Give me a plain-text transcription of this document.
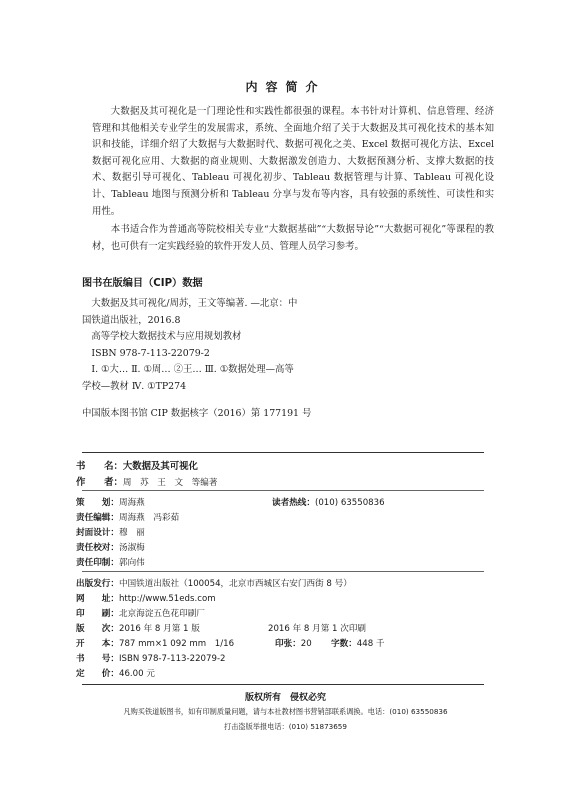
内容简介

大数据及其可视化是一门理论性和实践性都很强的课程。本书针对计算机、信息管理、经济管理和其他相关专业学生的发展需求，系统、全面地介绍了关于大数据及其可视化技术的基本知识和技能，详细介绍了大数据与大数据时代、数据可视化之美、Excel 数据可视化方法、Excel 数据可视化应用、大数据的商业规则、大数据激发创造力、大数据预测分析、支撑大数据的技术、数据引导可视化、Tableau 可视化初步、Tableau 数据管理与计算、Tableau 可视化设计、Tableau 地图与预测分析和 Tableau 分享与发布等内容，具有较强的系统性、可读性和实用性。

本书适合作为普通高等院校相关专业“大数据基础”“大数据导论”“大数据可视化”等课程的教材，也可供有一定实践经验的软件开发人员、管理人员学习参考。

图书在版编目（CIP）数据

大数据及其可视化/周苏，王文等编著. —北京：中

国铁道出版社，2016.8

高等学校大数据技术与应用规划教材

ISBN 978-7-113-22079-2

Ⅰ. ①大… Ⅱ. ①周… ②王… Ⅲ. ①数据处理—高等

学校—教材 Ⅳ. ①TP274

中国版本图书馆 CIP 数据核字（2016）第 177191 号
书　　名：大数据及其可视化
作　　者：周　苏　王　文　等编著
策　　划：周海燕	读者热线：(010) 63550836
责任编辑：周海燕　冯彩茹
封面设计：穆　丽
责任校对：汤淑梅
责任印制：郭向伟
出版发行：中国铁道出版社（100054，北京市西城区右安门西街 8 号）
网　　址：http://www.51eds.com
印　　刷：北京海淀五色花印刷厂
版　　次：2016 年 8 月第 1 版	2016 年 8 月第 1 次印刷
开　　本：787 mm×1 092 mm　1/16	印张：20 字数：448 千
书　　号：ISBN 978-7-113-22079-2
定　　价：46.00 元
版权所有　侵权必究
凡购买铁道版图书，如有印制质量问题，请与本社教材图书营销部联系调换。电话：(010) 63550836
打击盗版举报电话：(010) 51873659
